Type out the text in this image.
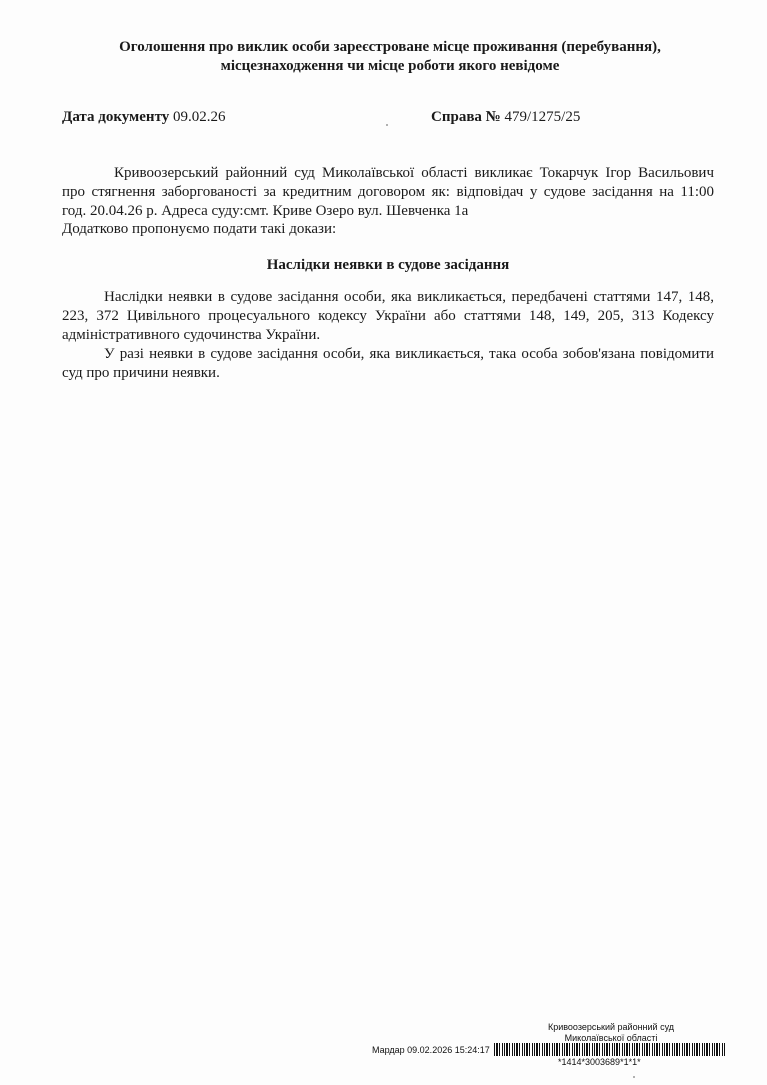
Оголошення про виклик особи зареєстроване місце проживання (перебування),
місцезнаходження чи місце роботи якого невідоме
Дата документу 09.02.26	Справа № 479/1275/25
Кривоозерський районний суд Миколаївської області викликає Токарчук Ігор Васильович
про стягнення заборгованості за кредитним договором як: відповідач у судове засідання на 11:00
год. 20.04.26 р. Адреса суду:смт. Криве Озеро вул. Шевченка 1а
Додатково пропонуємо подати такі докази:
Наслідки неявки в судове засідання
Наслідки неявки в судове засідання особи, яка викликається, передбачені статтями 147, 148, 223, 372 Цивільного процесуального кодексу України або статтями 148, 149, 205, 313 Кодексу адміністративного судочинства України.
У разі неявки в судове засідання особи, яка викликається, така особа зобов'язана повідомити суд про причини неявки.
Кривоозерський районний суд
Миколаївської області
Мардар 09.02.2026 15:24:17
*1414*3003689*1*1*
